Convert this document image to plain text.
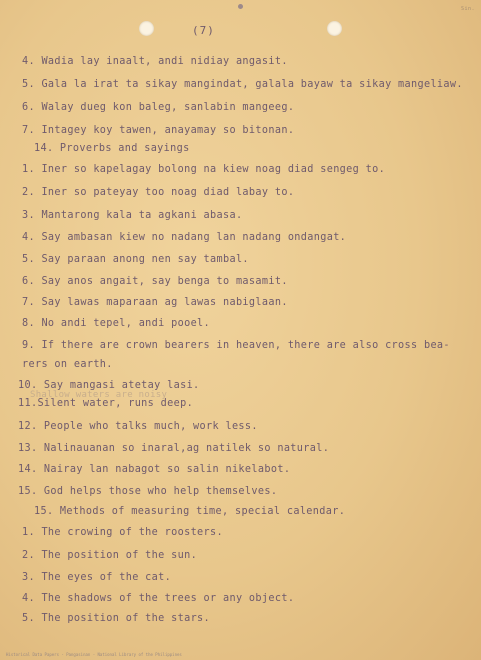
Sin.
(7)
4. Wadia lay inaalt, andi nidiay angasit.
5. Gala la irat ta sikay mangindat, galala bayaw ta sikay mangeliaw.
6. Walay dueg kon baleg, sanlabin mangeeg.
7. Intagey koy tawen, anayamay so bitonan.
14. Proverbs and sayings
1. Iner so kapelagay bolong na kiew noag diad sengeg to.
2. Iner so pateyay too noag diad labay to.
3. Mantarong kala ta agkani abasa.
4. Say ambasan kiew no nadang lan nadang ondangat.
5. Say paraan anong nen say tambal.
6. Say anos angait, say benga to masamit.
7. Say lawas maparaan ag lawas nabiglaan.
8. No andi tepel, andi pooel.
9. If there are crown bearers in heaven, there are also cross bea-
rers on earth.
10. Say mangasi atetay lasi.
Shallow waters are noisy
11.Silent water, runs deep.
12. People who talks much, work less.
13. Nalinauanan so inaral,ag natilek so natural.
14. Nairay lan nabagot so salin nikelabot.
15. God helps those who help themselves.
15. Methods of measuring time, special calendar.
1. The crowing of the roosters.
2. The position of the sun.
3. The eyes of the cat.
4. The shadows of the trees or any object.
5. The position of the stars.
Historical Data Papers - Pangasinan - National Library of the Philippines
